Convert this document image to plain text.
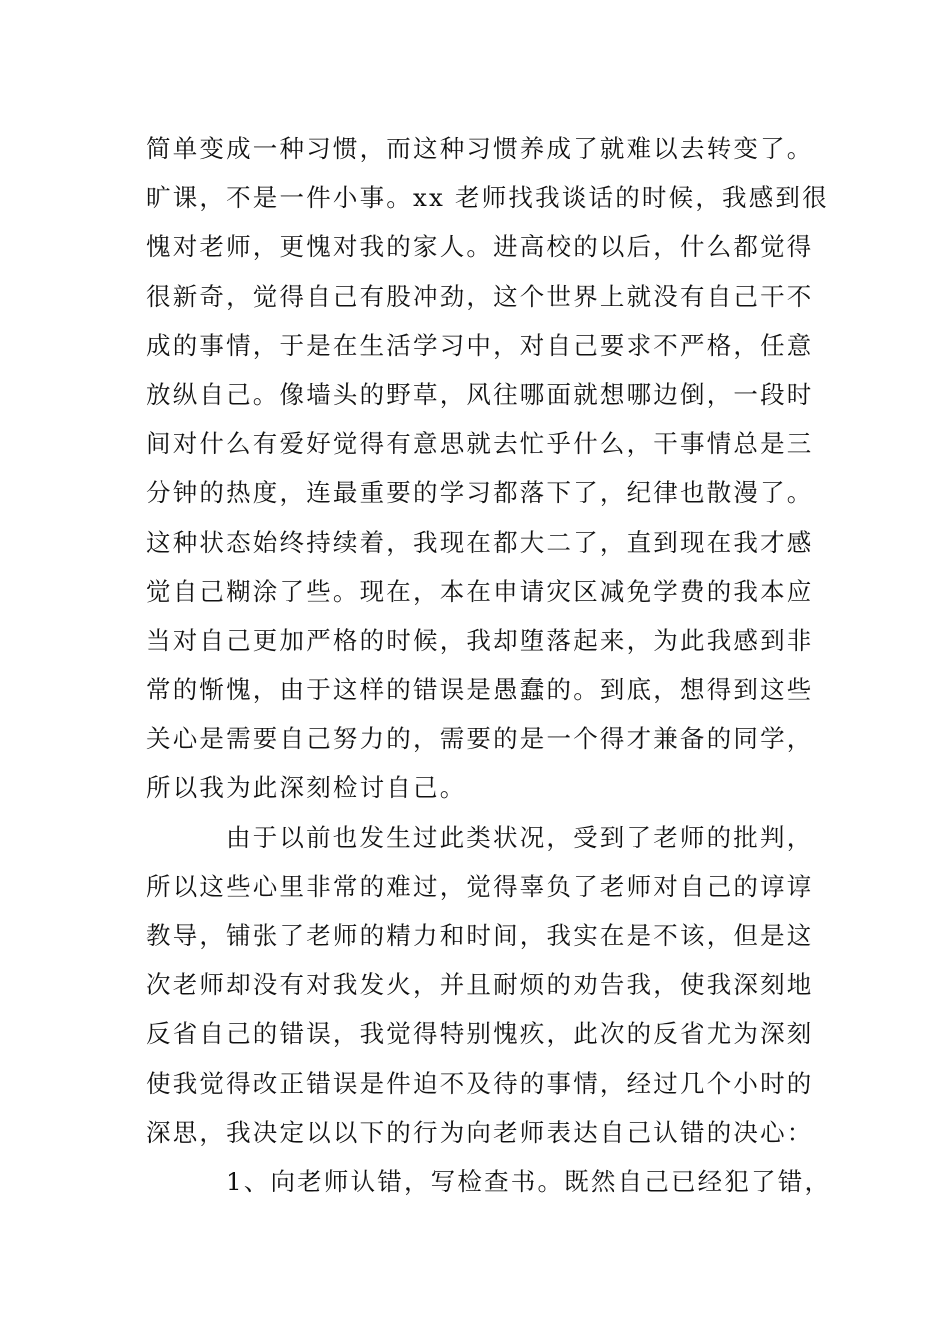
简单变成一种习惯，而这种习惯养成了就难以去转变了。
旷课，不是一件小事。xx 老师找我谈话的时候，我感到很
愧对老师，更愧对我的家人。进高校的以后，什么都觉得
很新奇，觉得自己有股冲劲，这个世界上就没有自己干不
成的事情，于是在生活学习中，对自己要求不严格，任意
放纵自己。像墙头的野草，风往哪面就想哪边倒，一段时
间对什么有爱好觉得有意思就去忙乎什么，干事情总是三
分钟的热度，连最重要的学习都落下了，纪律也散漫了。
这种状态始终持续着，我现在都大二了，直到现在我才感
觉自己糊涂了些。现在，本在申请灾区减免学费的我本应
当对自己更加严格的时候，我却堕落起来，为此我感到非
常的惭愧，由于这样的错误是愚蠢的。到底，想得到这些
关心是需要自己努力的，需要的是一个得才兼备的同学，
所以我为此深刻检讨自己。
由于以前也发生过此类状况，受到了老师的批判，
所以这些心里非常的难过，觉得辜负了老师对自己的谆谆
教导，铺张了老师的精力和时间，我实在是不该，但是这
次老师却没有对我发火，并且耐烦的劝告我，使我深刻地
反省自己的错误，我觉得特别愧疚，此次的反省尤为深刻
使我觉得改正错误是件迫不及待的事情，经过几个小时的
深思，我决定以以下的行为向老师表达自己认错的决心：
1、向老师认错，写检查书。既然自己已经犯了错，
